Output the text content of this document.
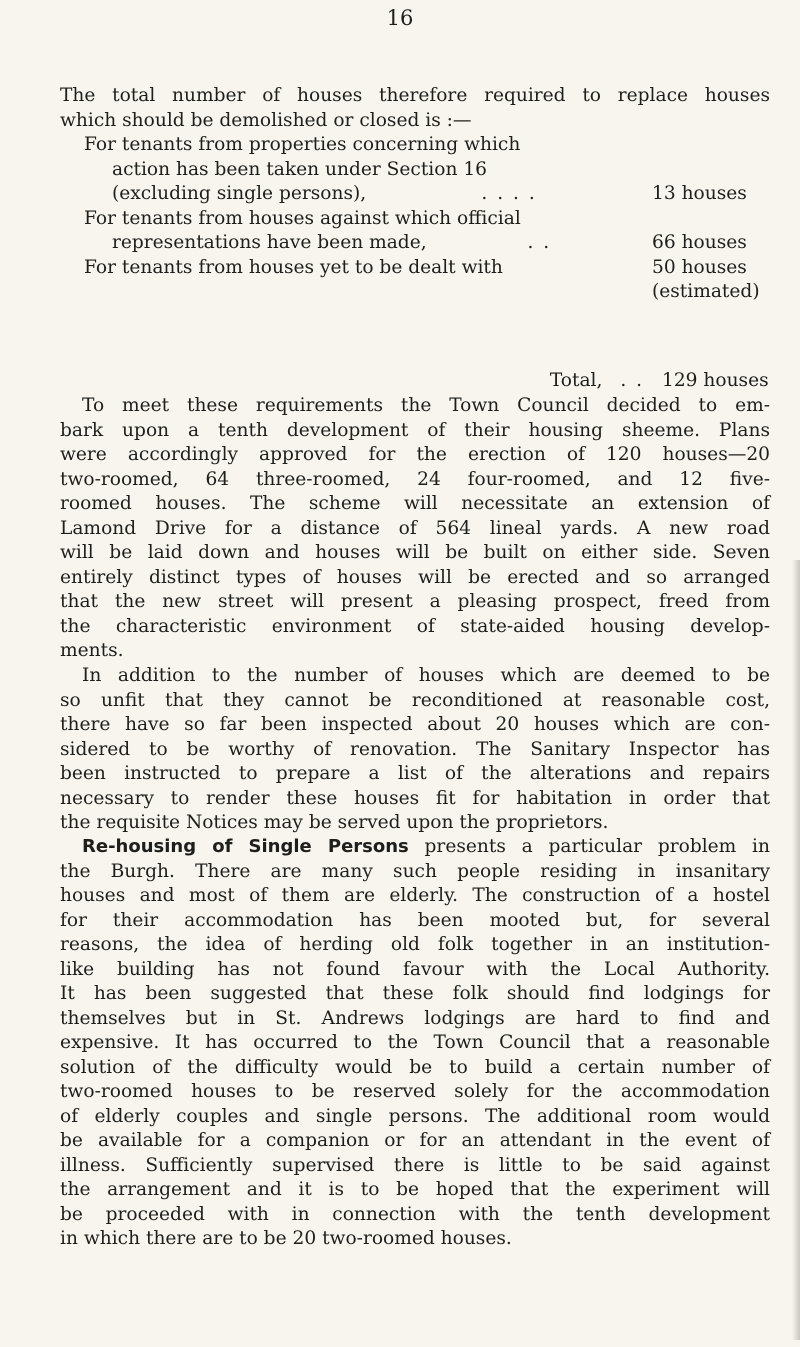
16
The total number of houses therefore required to replace houses
which should be demolished or closed is :—
For tenants from properties concerning which
action has been taken under Section 16
(excluding single persons),	. . . .	13 houses
For tenants from houses against which official
representations have been made,	. .	66 houses
For tenants from houses yet to be dealt with	50 houses
(estimated)
Total, . . 129 houses
To meet these requirements the Town Council decided to em-
bark upon a tenth development of their housing sheeme. Plans
were accordingly approved for the erection of 120 houses—20
two-roomed, 64 three-roomed, 24 four-roomed, and 12 five-
roomed houses. The scheme will necessitate an extension of
Lamond Drive for a distance of 564 lineal yards. A new road
will be laid down and houses will be built on either side. Seven
entirely distinct types of houses will be erected and so arranged
that the new street will present a pleasing prospect, freed from
the characteristic environment of state-aided housing develop-
ments.
In addition to the number of houses which are deemed to be
so unfit that they cannot be reconditioned at reasonable cost,
there have so far been inspected about 20 houses which are con-
sidered to be worthy of renovation. The Sanitary Inspector has
been instructed to prepare a list of the alterations and repairs
necessary to render these houses fit for habitation in order that
the requisite Notices may be served upon the proprietors.
Re-housing of Single Persons presents a particular problem in
the Burgh. There are many such people residing in insanitary
houses and most of them are elderly. The construction of a hostel
for their accommodation has been mooted but, for several
reasons, the idea of herding old folk together in an institution-
like building has not found favour with the Local Authority.
It has been suggested that these folk should find lodgings for
themselves but in St. Andrews lodgings are hard to find and
expensive. It has occurred to the Town Council that a reasonable
solution of the difficulty would be to build a certain number of
two-roomed houses to be reserved solely for the accommodation
of elderly couples and single persons. The additional room would
be available for a companion or for an attendant in the event of
illness. Sufficiently supervised there is little to be said against
the arrangement and it is to be hoped that the experiment will
be proceeded with in connection with the tenth development
in which there are to be 20 two-roomed houses.
